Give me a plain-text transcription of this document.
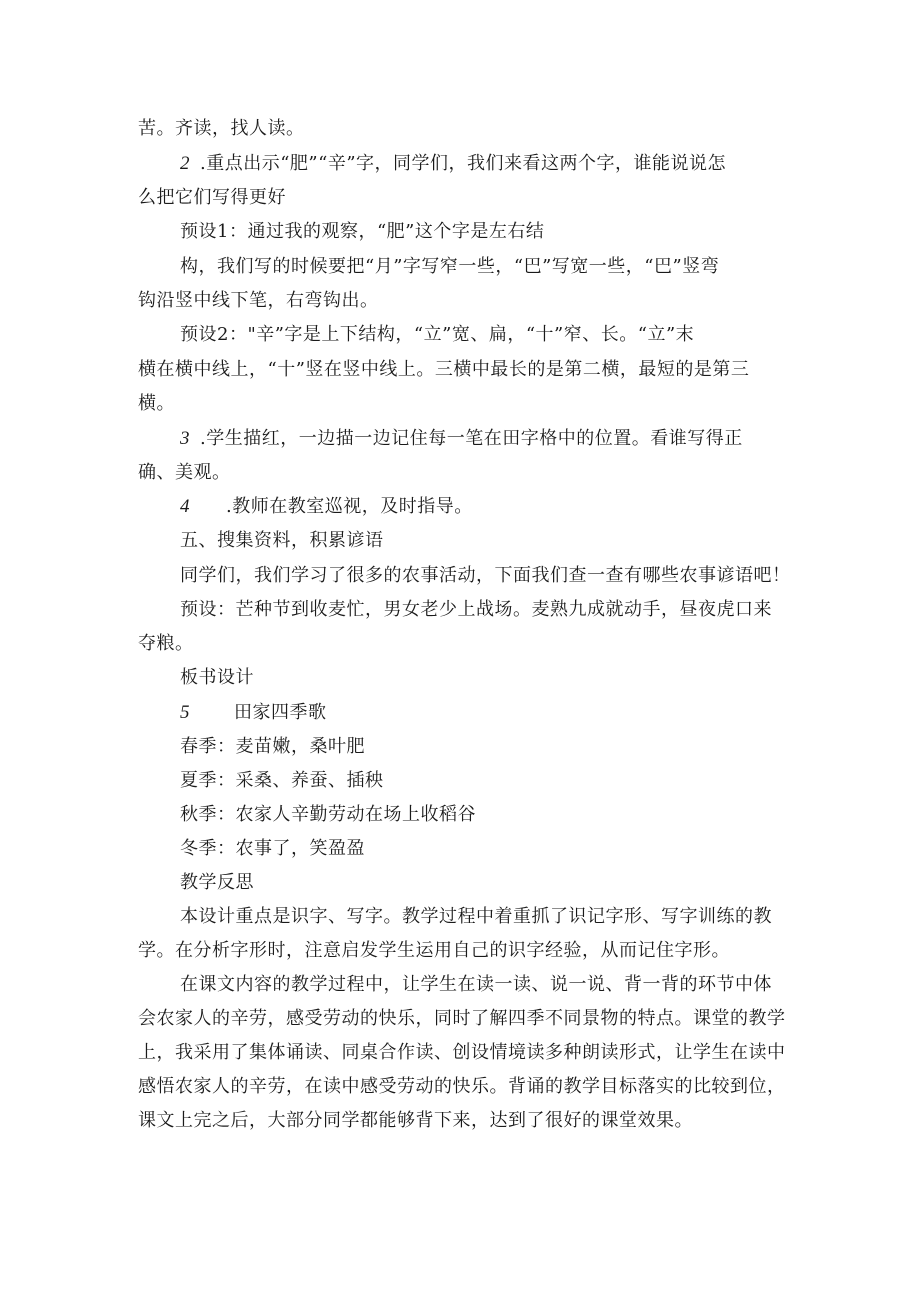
苦。齐读，找人读。
2 .重点出示“肥”“辛”字，同学们，我们来看这两个字，谁能说说怎
么把它们写得更好
预设1：通过我的观察，“肥”这个字是左右结
构，我们写的时候要把“月”字写窄一些，“巴”写宽一些，“巴”竖弯
钩沿竖中线下笔，右弯钩出。
预设2："辛”字是上下结构，“立”宽、扁，“十”窄、长。“立”末
横在横中线上，“十”竖在竖中线上。三横中最长的是第二横，最短的是第三
横。
3 .学生描红，一边描一边记住每一笔在田字格中的位置。看谁写得正
确、美观。
4 .教师在教室巡视，及时指导。
五、搜集资料，积累谚语
同学们，我们学习了很多的农事活动，下面我们查一查有哪些农事谚语吧！
预设：芒种节到收麦忙，男女老少上战场。麦熟九成就动手，昼夜虎口来
夺粮。
板书设计
5 田家四季歌
春季：麦苗嫩，桑叶肥
夏季：采桑、养蚕、插秧
秋季：农家人辛勤劳动在场上收稻谷
冬季：农事了，笑盈盈
教学反思
本设计重点是识字、写字。教学过程中着重抓了识记字形、写字训练的教
学。在分析字形时，注意启发学生运用自己的识字经验，从而记住字形。
在课文内容的教学过程中，让学生在读一读、说一说、背一背的环节中体
会农家人的辛劳，感受劳动的快乐，同时了解四季不同景物的特点。课堂的教学
上，我采用了集体诵读、同桌合作读、创设情境读多种朗读形式，让学生在读中
感悟农家人的辛劳，在读中感受劳动的快乐。背诵的教学目标落实的比较到位，
课文上完之后，大部分同学都能够背下来，达到了很好的课堂效果。
